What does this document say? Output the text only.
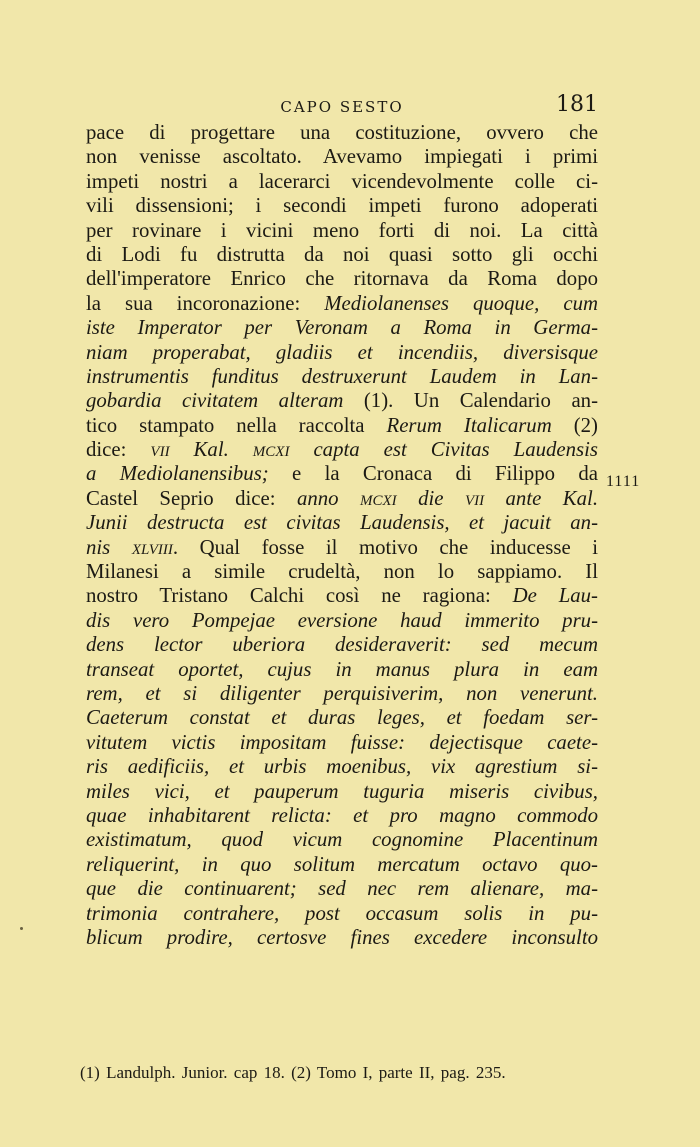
CAPO SESTO	181
pace di progettare una costituzione, ovvero che
non venisse ascoltato. Avevamo impiegati i primi
impeti nostri a lacerarci vicendevolmente colle ci-
vili dissensioni; i secondi impeti furono adoperati
per rovinare i vicini meno forti di noi. La città
di Lodi fu distrutta da noi quasi sotto gli occhi
dell'imperatore Enrico che ritornava da Roma dopo
la sua incoronazione: Mediolanenses quoque, cum
iste Imperator per Veronam a Roma in Germa-
niam properabat, gladiis et incendiis, diversisque
instrumentis funditus destruxerunt Laudem in Lan-
gobardia civitatem alteram (1). Un Calendario an-
tico stampato nella raccolta Rerum Italicarum (2)
dice: vii Kal. mcxi capta est Civitas Laudensis
a Mediolanensibus; e la Cronaca di Filippo da
Castel Seprio dice: anno mcxi die vii ante Kal.
Junii destructa est civitas Laudensis, et jacuit an-
nis xlviii. Qual fosse il motivo che inducesse i
Milanesi a simile crudeltà, non lo sappiamo. Il
nostro Tristano Calchi così ne ragiona: De Lau-
dis vero Pompejae eversione haud immerito pru-
dens lector uberiora desideraverit: sed mecum
transeat oportet, cujus in manus plura in eam
rem, et si diligenter perquisiverim, non venerunt.
Caeterum constat et duras leges, et foedam ser-
vitutem victis impositam fuisse: dejectisque caete-
ris aedificiis, et urbis moenibus, vix agrestium si-
miles vici, et pauperum tuguria miseris civibus,
quae inhabitarent relicta: et pro magno commodo
existimatum, quod vicum cognomine Placentinum
reliquerint, in quo solitum mercatum octavo quo-
que die continuarent; sed nec rem alienare, ma-
trimonia contrahere, post occasum solis in pu-
blicum prodire, certosve fines excedere inconsulto
1111
(1) Landulph. Junior. cap 18. (2) Tomo I, parte II, pag. 235.
